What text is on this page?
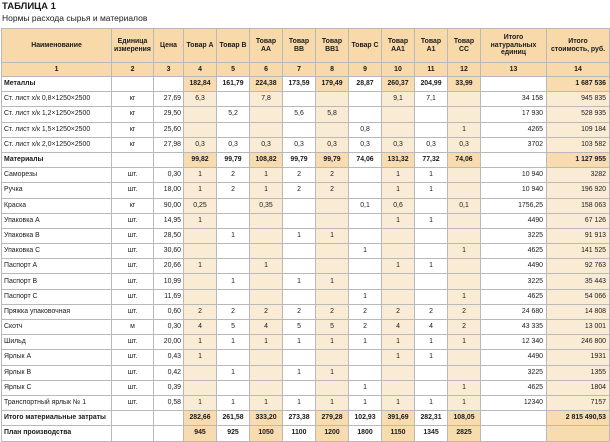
ТАБЛИЦА 1
Нормы расхода сырья и материалов
Наименование	Единица измерения	Цена	Товар А	Товар В	Товар АА	Товар ВВ	Товар ВВ1	Товар С	Товар АА1	Товар А1	Товар СС	Итого натуральных единиц	Итого стоимость, руб.
1	2	3	4	5	6	7	8	9	10	11	12	13	14
Металлы			182,84	161,79	224,38	173,59	179,49	28,87	260,37	204,99	33,99		1 687 536
Ст. лист х/к 0,8×1250×2500	кг	27,69	6,3		7,8				9,1	7,1		34 158	945 835
Ст. лист х/к 1,2×1250×2500	кг	29,50		5,2		5,6	5,8					17 930	528 935
Ст. лист х/к 1,5×1250×2500	кг	25,60						0,8			1	4265	109 184
Ст. лист х/к 2,0×1250×2500	кг	27,98	0,3	0,3	0,3	0,3	0,3	0,3	0,3	0,3	0,3	3702	103 582
Материалы			99,82	99,79	108,82	99,79	99,79	74,06	131,32	77,32	74,06		1 127 955
Саморезы	шт.	0,30	1	2	1	2	2		1	1		10 940	3282
Ручка	шт.	18,00	1	2	1	2	2		1	1		10 940	196 920
Краска	кг	90,00	0,25		0,35			0,1	0,6		0,1	1756,25	158 063
Упаковка А	шт.	14,95	1						1	1		4490	67 126
Упаковка В	шт.	28,50		1		1	1					3225	91 913
Упаковка С	шт.	30,60						1			1	4625	141 525
Паспорт А	шт.	20,66	1		1				1	1		4490	92 763
Паспорт В	шт.	10,99		1		1	1					3225	35 443
Паспорт С	шт.	11,69						1			1	4625	54 066
Пряжка упаковочная	шт.	0,60	2	2	2	2	2	2	2	2	2	24 680	14 808
Скотч	м	0,30	4	5	4	5	5	2	4	4	2	43 335	13 001
Шильд	шт.	20,00	1	1	1	1	1	1	1	1	1	12 340	246 800
Ярлык А	шт.	0,43	1						1	1		4490	1931
Ярлык В	шт.	0,42		1		1	1					3225	1355
Ярлык С	шт.	0,39						1			1	4625	1804
Транспортный ярлык № 1	шт.	0,58	1	1	1	1	1	1	1	1	1	12340	7157
Итого материальные затраты			282,66	261,58	333,20	273,38	279,28	102,93	391,69	282,31	108,05		2 815 490,53
План производства			945	925	1050	1100	1200	1800	1150	1345	2825		
